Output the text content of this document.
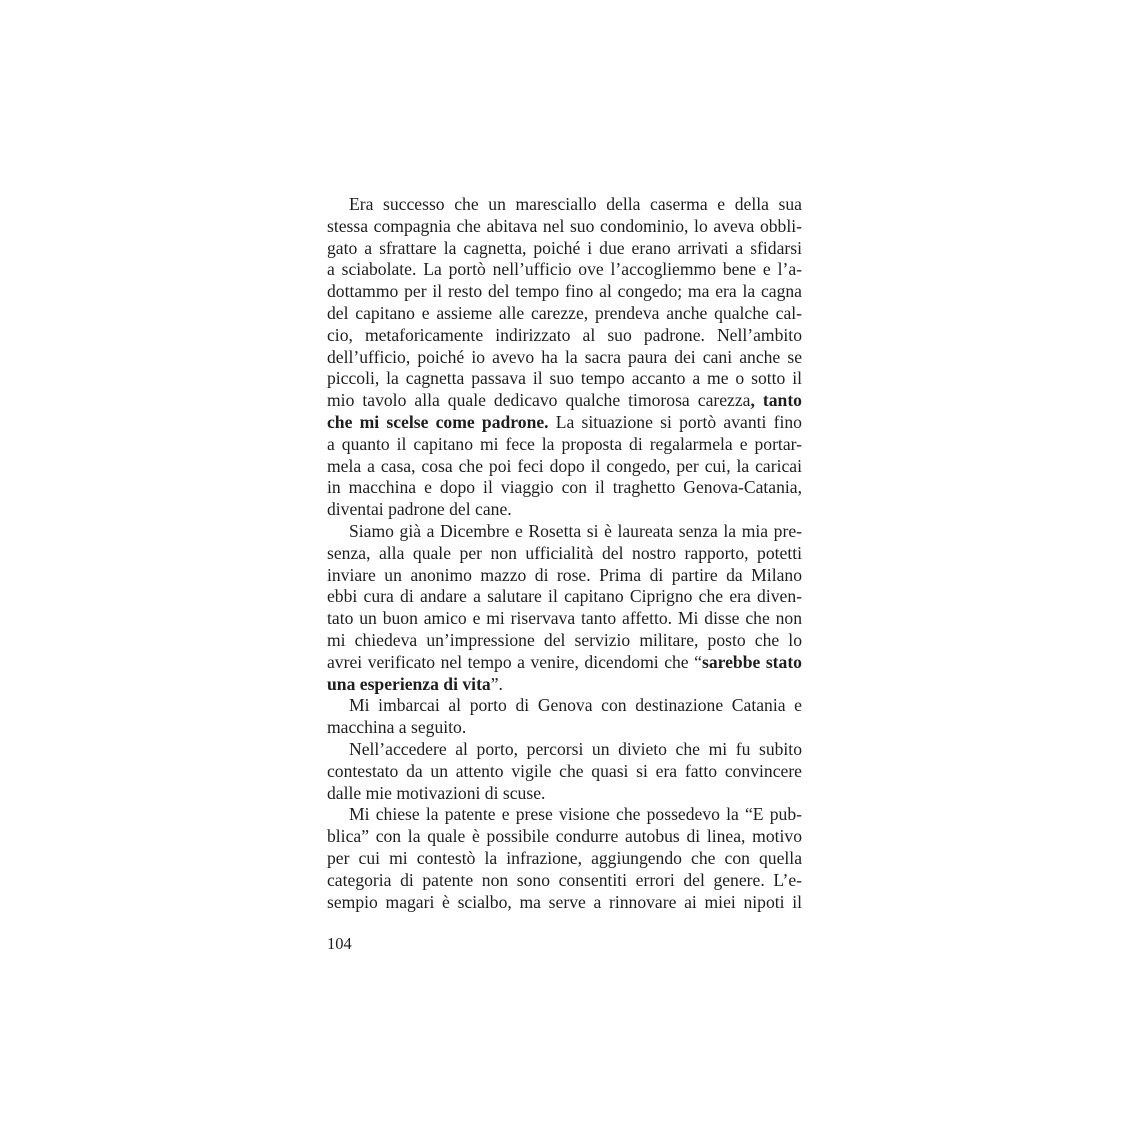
Era successo che un maresciallo della caserma e della sua
stessa compagnia che abitava nel suo condominio, lo aveva obbli-
gato a sfrattare la cagnetta, poiché i due erano arrivati a sfidarsi
a sciabolate. La portò nell’ufficio ove l’accogliemmo bene e l’a-
dottammo per il resto del tempo fino al congedo; ma era la cagna
del capitano e assieme alle carezze, prendeva anche qualche cal-
cio, metaforicamente indirizzato al suo padrone. Nell’ambito
dell’ufficio, poiché io avevo ha la sacra paura dei cani anche se
piccoli, la cagnetta passava il suo tempo accanto a me o sotto il
mio tavolo alla quale dedicavo qualche timorosa carezza, tanto
che mi scelse come padrone. La situazione si portò avanti fino
a quanto il capitano mi fece la proposta di regalarmela e portar-
mela a casa, cosa che poi feci dopo il congedo, per cui, la caricai
in macchina e dopo il viaggio con il traghetto Genova-Catania,
diventai padrone del cane.
Siamo già a Dicembre e Rosetta si è laureata senza la mia pre-
senza, alla quale per non ufficialità del nostro rapporto, potetti
inviare un anonimo mazzo di rose. Prima di partire da Milano
ebbi cura di andare a salutare il capitano Ciprigno che era diven-
tato un buon amico e mi riservava tanto affetto. Mi disse che non
mi chiedeva un’impressione del servizio militare, posto che lo
avrei verificato nel tempo a venire, dicendomi che “sarebbe stato
una esperienza di vita”.
Mi imbarcai al porto di Genova con destinazione Catania e
macchina a seguito.
Nell’accedere al porto, percorsi un divieto che mi fu subito
contestato da un attento vigile che quasi si era fatto convincere
dalle mie motivazioni di scuse.
Mi chiese la patente e prese visione che possedevo la “E pub-
blica” con la quale è possibile condurre autobus di linea, motivo
per cui mi contestò la infrazione, aggiungendo che con quella
categoria di patente non sono consentiti errori del genere. L’e-
sempio magari è scialbo, ma serve a rinnovare ai miei nipoti il
104
